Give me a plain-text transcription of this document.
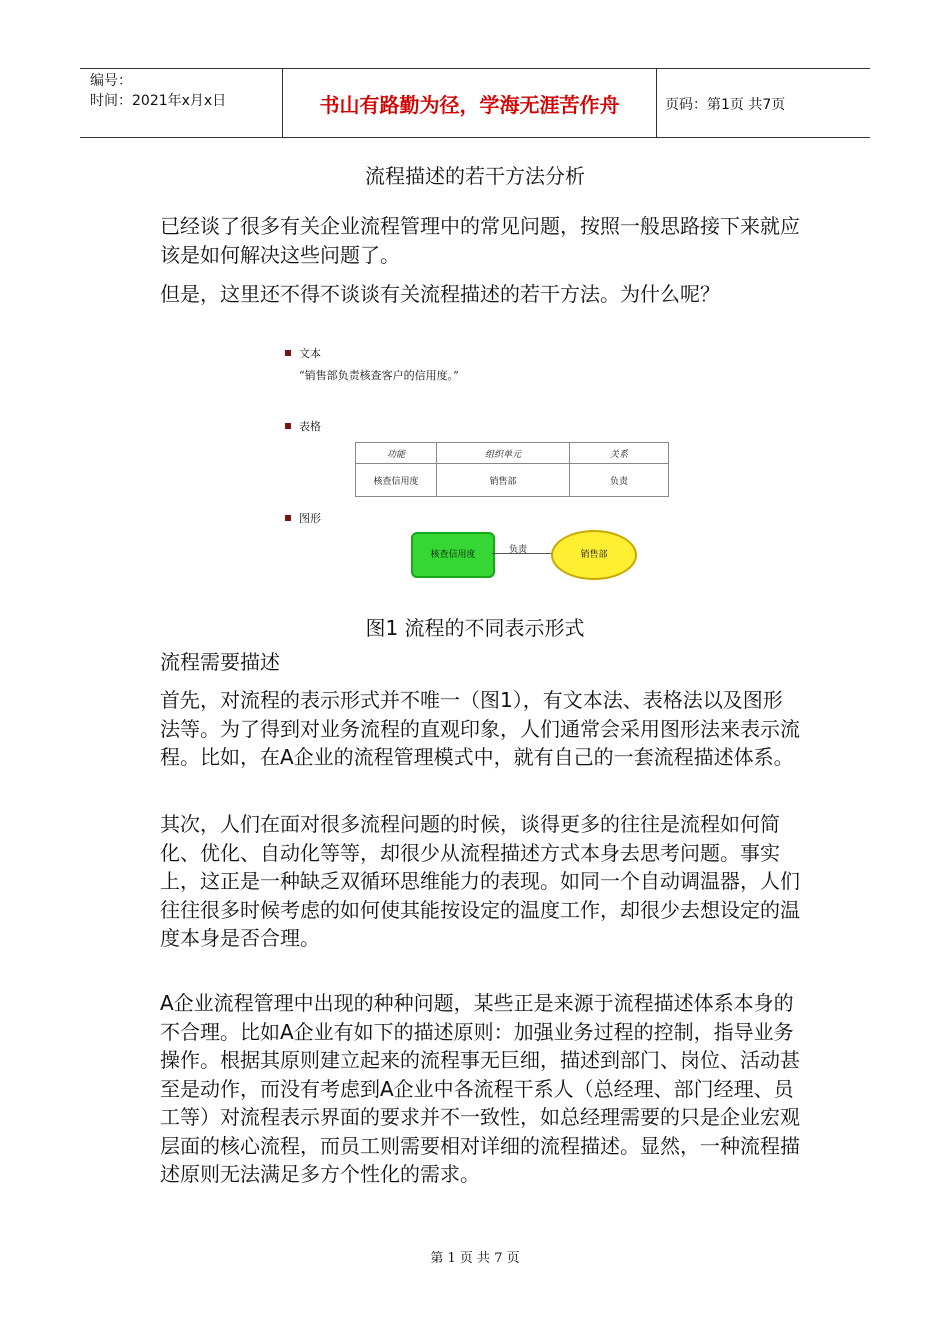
编号：
时间：2021年x月x日	书山有路勤为径，学海无涯苦作舟	页码：第1页 共7页
流程描述的若干方法分析
已经谈了很多有关企业流程管理中的常见问题，按照一般思路接下来就应该是如何解决这些问题了。
但是，这里还不得不谈谈有关流程描述的若干方法。为什么呢？
文本
“销售部负责核查客户的信用度。”
表格
功能	组织单元	关系
核查信用度	销售部	负责
图形
核查信用度	负责	销售部
图1 流程的不同表示形式
流程需要描述
首先，对流程的表示形式并不唯一（图1），有文本法、表格法以及图形法等。为了得到对业务流程的直观印象，人们通常会采用图形法来表示流程。比如，在A企业的流程管理模式中，就有自己的一套流程描述体系。
其次，人们在面对很多流程问题的时候，谈得更多的往往是流程如何简化、优化、自动化等等，却很少从流程描述方式本身去思考问题。事实上，这正是一种缺乏双循环思维能力的表现。如同一个自动调温器，人们往往很多时候考虑的如何使其能按设定的温度工作，却很少去想设定的温度本身是否合理。
A企业流程管理中出现的种种问题，某些正是来源于流程描述体系本身的不合理。比如A企业有如下的描述原则：加强业务过程的控制，指导业务操作。根据其原则建立起来的流程事无巨细，描述到部门、岗位、活动甚至是动作，而没有考虑到A企业中各流程干系人（总经理、部门经理、员工等）对流程表示界面的要求并不一致性，如总经理需要的只是企业宏观层面的核心流程，而员工则需要相对详细的流程描述。显然，一种流程描述原则无法满足多方个性化的需求。
第 1 页 共 7 页
